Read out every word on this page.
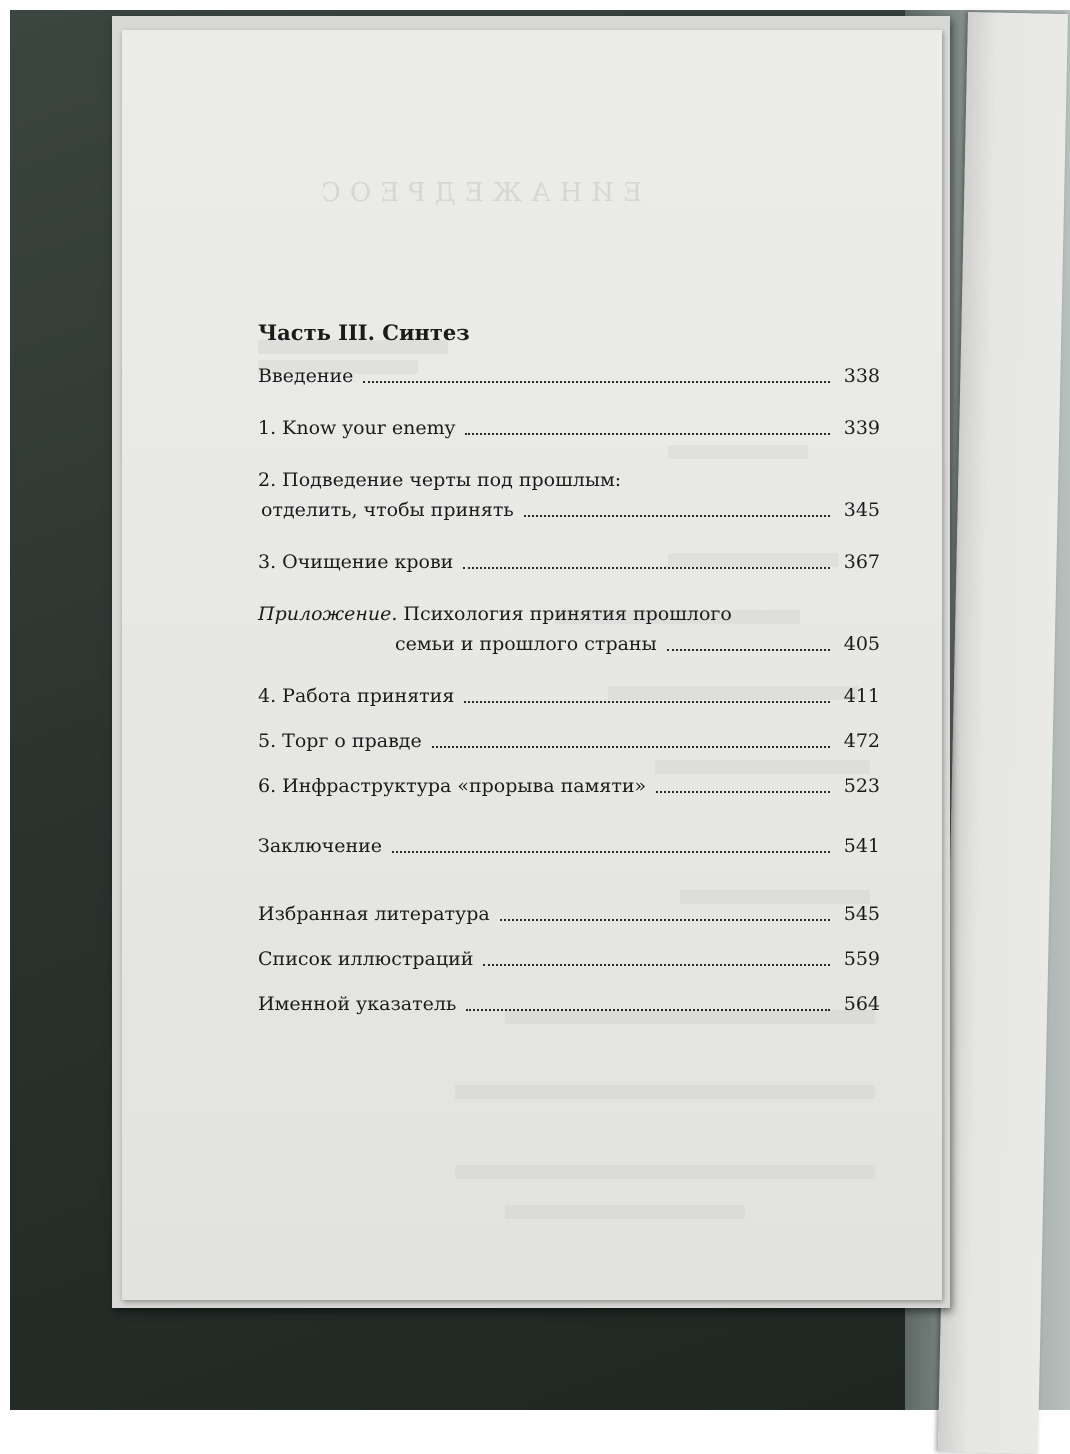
ЕИНАЖЕДРЕОС
Часть III. Синтез
Введение	338
1. Know your enemy	339
2. Подведение черты под прошлым:
отделить, чтобы принять	345
3. Очищение крови	367
Приложение. Психология принятия прошлого
семьи и прошлого страны	405
4. Работа принятия	411
5. Торг о правде	472
6. Инфраструктура «прорыва памяти»	523
Заключение	541
Избранная литература	545
Список иллюстраций	559
Именной указатель	564
